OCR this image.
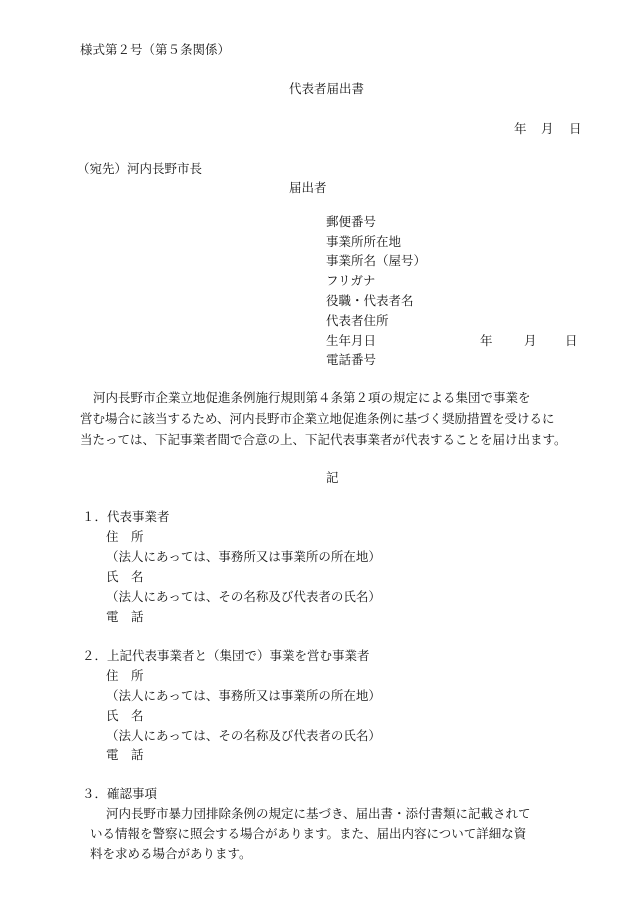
様式第２号（第５条関係）
代表者届出書
年 月 日
（宛先）河内長野市長
届出者
郵便番号
事業所所在地
事業所名（屋号）
フリガナ
役職・代表者名
代表者住所
生年月日	年	月 日
電話番号
河内長野市企業立地促進条例施行規則第４条第２項の規定による集団で事業を
営む場合に該当するため、河内長野市企業立地促進条例に基づく奨励措置を受けるに
当たっては、下記事業者間で合意の上、下記代表事業者が代表することを届け出ます。
記
１．代表事業者
住　所
（法人にあっては、事務所又は事業所の所在地）
氏　名
（法人にあっては、その名称及び代表者の氏名）
電　話
２．上記代表事業者と（集団で）事業を営む事業者
住　所
（法人にあっては、事務所又は事業所の所在地）
氏　名
（法人にあっては、その名称及び代表者の氏名）
電　話
３．確認事項
河内長野市暴力団排除条例の規定に基づき、届出書・添付書類に記載されて
いる情報を警察に照会する場合があります。また、届出内容について詳細な資
料を求める場合があります。
